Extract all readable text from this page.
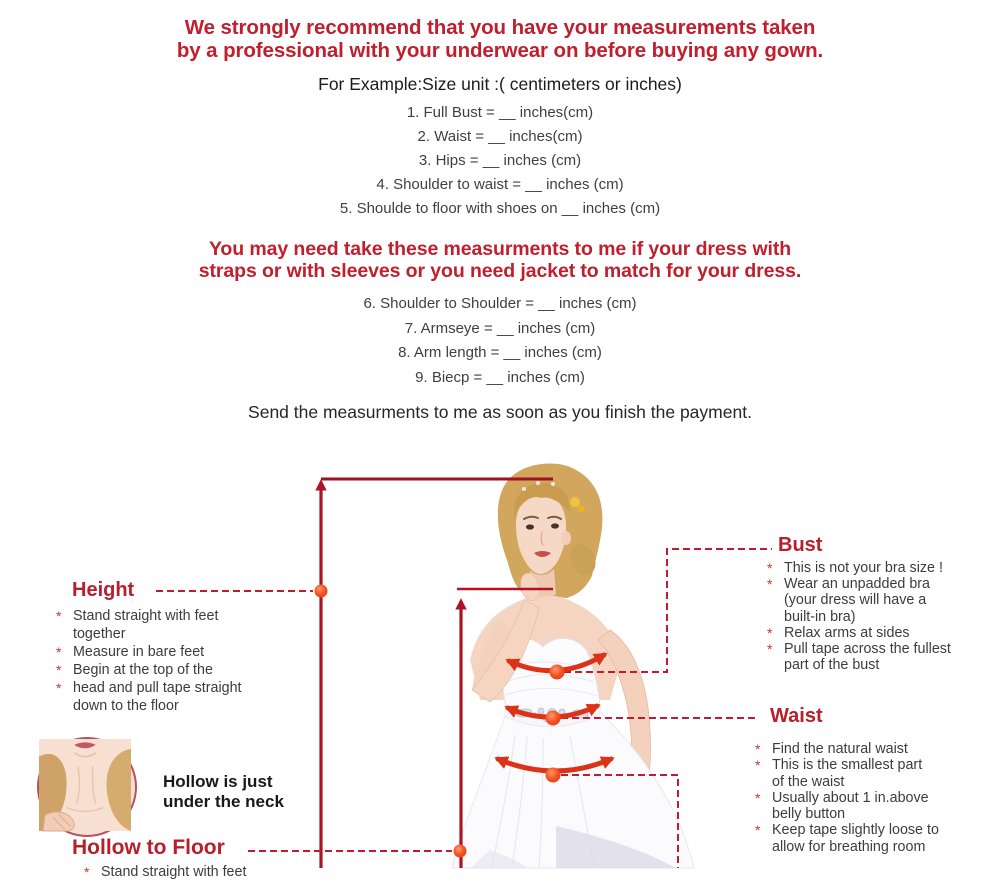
We strongly recommend that you have your measurements taken
by a professional with your underwear on before buying any gown.
For Example:Size unit :( centimeters or inches)
1. Full Bust = __ inches(cm)
2. Waist = __ inches(cm)
3. Hips = __ inches (cm)
4. Shoulder to waist = __ inches (cm)
5. Shoulde to floor with shoes on __ inches (cm)
You may need take these measurments to me if your dress with
straps or with sleeves or you need jacket to match for your dress.
6. Shoulder to Shoulder = __ inches (cm)
7. Armseye = __ inches (cm)
8. Arm length = __ inches (cm)
9. Biecp = __ inches (cm)
Send the measurments to me as soon as you finish the payment.
Height
* Stand straight with feet
together
* Measure in bare feet
* Begin at the top of the
* head and pull tape straight
down to the floor
Bust
* This is not your bra size !
* Wear an unpadded bra
(your dress will have a
built-in bra)
* Relax arms at sides
* Pull tape across the fullest
part of the bust
Waist
* Find the natural waist
* This is the smallest part
of the waist
* Usually about 1 in.above
belly button
* Keep tape slightly loose to
allow for breathing room
Hollow is just under the neck
Hollow to Floor
* Stand straight with feet
